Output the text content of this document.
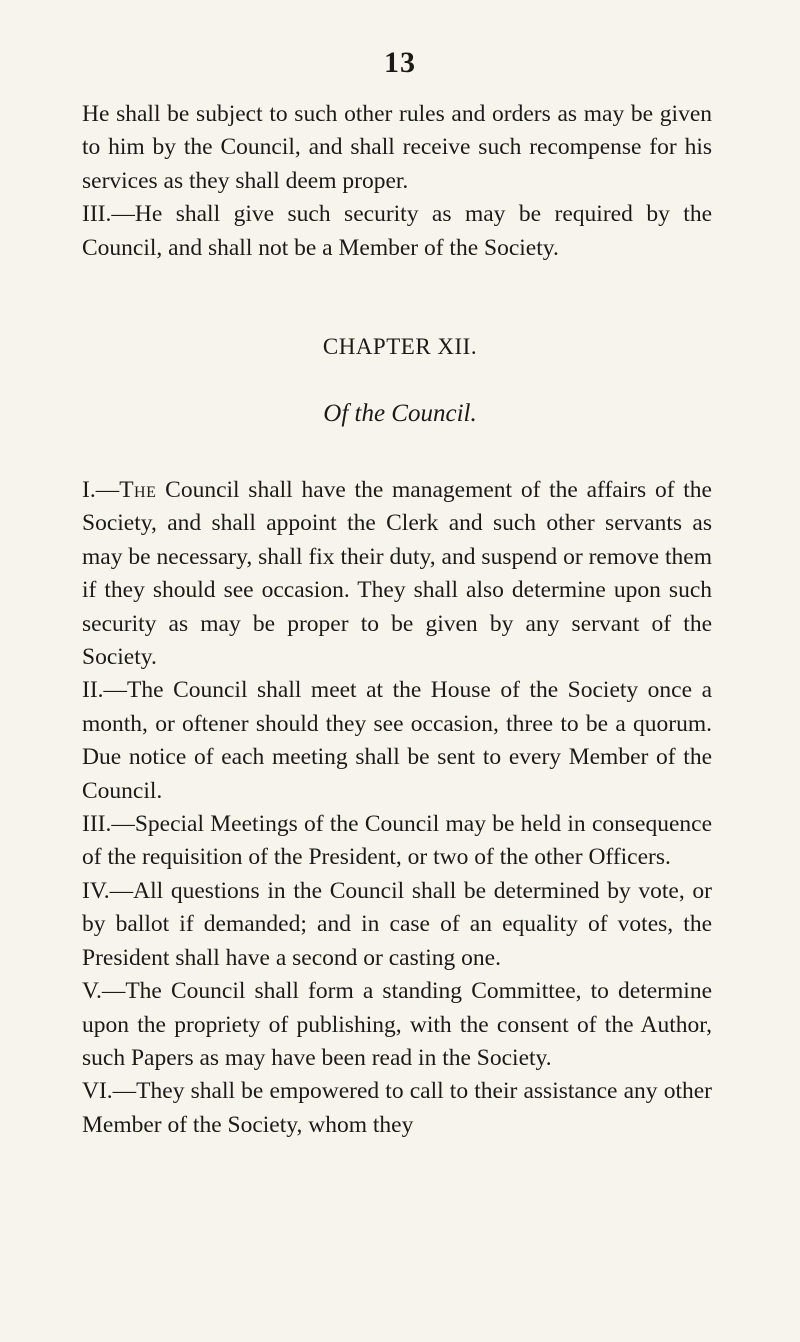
13

He shall be subject to such other rules and orders as may be given to him by the Council, and shall receive such recompense for his services as they shall deem proper.

III.—He shall give such security as may be required by the Council, and shall not be a Member of the Society.

CHAPTER XII.
Of the Council.

I.—The Council shall have the management of the affairs of the Society, and shall appoint the Clerk and such other servants as may be necessary, shall fix their duty, and suspend or remove them if they should see occasion. They shall also determine upon such security as may be proper to be given by any servant of the Society.

II.—The Council shall meet at the House of the Society once a month, or oftener should they see occasion, three to be a quorum. Due notice of each meeting shall be sent to every Member of the Council.

III.—Special Meetings of the Council may be held in consequence of the requisition of the President, or two of the other Officers.

IV.—All questions in the Council shall be determined by vote, or by ballot if demanded; and in case of an equality of votes, the President shall have a second or casting one.

V.—The Council shall form a standing Committee, to determine upon the propriety of publishing, with the consent of the Author, such Papers as may have been read in the Society.

VI.—They shall be empowered to call to their assistance any other Member of the Society, whom they
